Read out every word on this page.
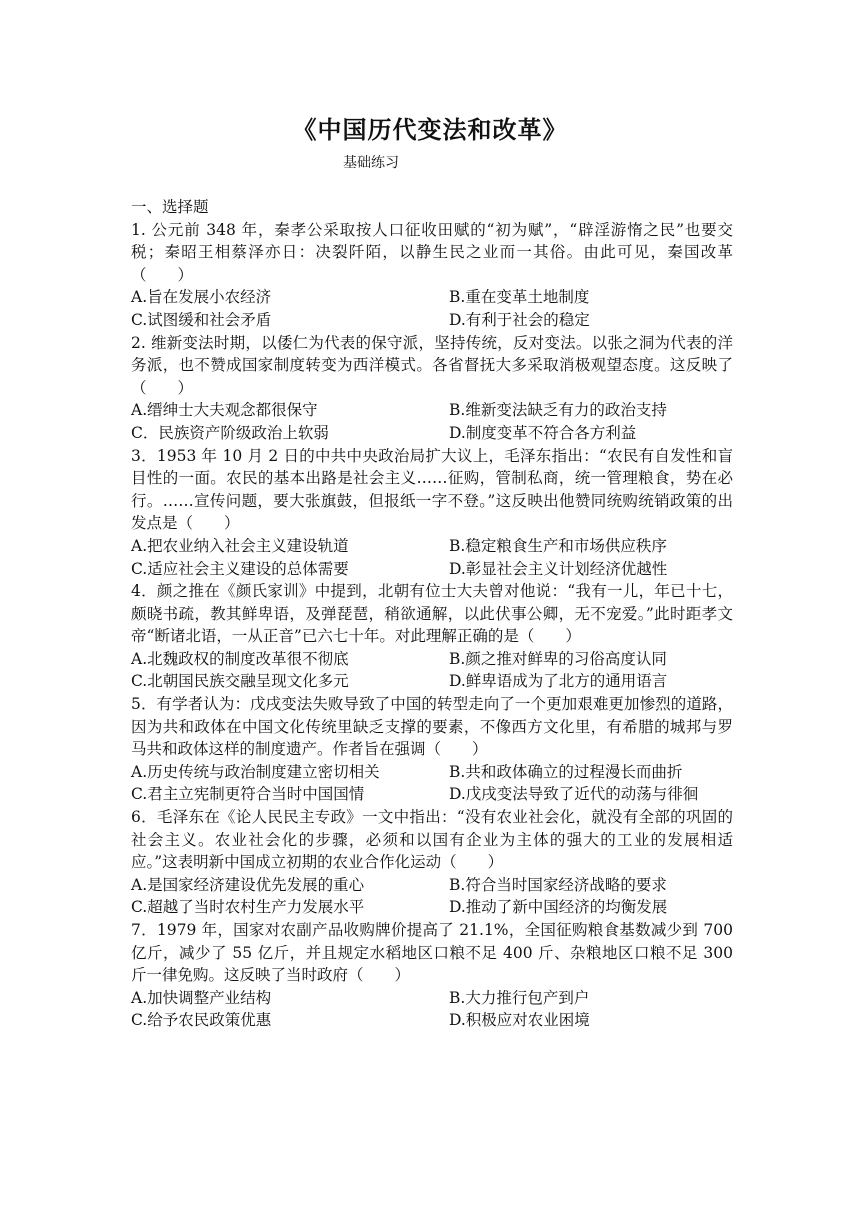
《中国历代变法和改革》
基础练习
一、选择题
1. 公元前 348 年，秦孝公采取按人口征收田赋的“初为赋”，“辟淫游惰之民”也要交税；秦昭王相蔡泽亦日：决裂阡陌，以静生民之业而一其俗。由此可见，秦国改革（　　）
A.旨在发展小农经济	B.重在变革土地制度
C.试图缓和社会矛盾	D.有利于社会的稳定
2. 维新变法时期，以倭仁为代表的保守派，坚持传统，反对变法。以张之洞为代表的洋务派，也不赞成国家制度转变为西洋模式。各省督抚大多采取消极观望态度。这反映了（　　）
A.缙绅士大夫观念都很保守	B.维新变法缺乏有力的政治支持
C．民族资产阶级政治上软弱	D.制度变革不符合各方利益
3．1953 年 10 月 2 日的中共中央政治局扩大议上，毛泽东指出：“农民有自发性和盲目性的一面。农民的基本出路是社会主义……征购，管制私商，统一管理粮食，势在必行。……宣传问题，要大张旗鼓，但报纸一字不登。”这反映出他赞同统购统销政策的出发点是（　　）
A.把农业纳入社会主义建设轨道	B.稳定粮食生产和市场供应秩序
C.适应社会主义建设的总体需要	D.彰显社会主义计划经济优越性
4．颜之推在《颜氏家训》中提到，北朝有位士大夫曾对他说：“我有一儿，年已十七，颇晓书疏，教其鲜卑语，及弹琵琶，稍欲通解，以此伏事公卿，无不宠爱。”此时距孝文帝“断诸北语，一从正音”已六七十年。对此理解正确的是（　　）
A.北魏政权的制度改革很不彻底	B.颜之推对鲜卑的习俗高度认同
C.北朝国民族交融呈现文化多元	D.鲜卑语成为了北方的通用语言
5．有学者认为：戊戌变法失败导致了中国的转型走向了一个更加艰难更加惨烈的道路，因为共和政体在中国文化传统里缺乏支撑的要素，不像西方文化里，有希腊的城邦与罗马共和政体这样的制度遗产。作者旨在强调（　　）
A.历史传统与政治制度建立密切相关	B.共和政体确立的过程漫长而曲折
C.君主立宪制更符合当时中国国情	D.戊戌变法导致了近代的动荡与徘徊
6．毛泽东在《论人民民主专政》一文中指出：“没有农业社会化，就没有全部的巩固的社会主义。农业社会化的步骤，必须和以国有企业为主体的强大的工业的发展相适应。”这表明新中国成立初期的农业合作化运动（　　）
A.是国家经济建设优先发展的重心	B.符合当时国家经济战略的要求
C.超越了当时农村生产力发展水平	D.推动了新中国经济的均衡发展
7．1979 年，国家对农副产品收购牌价提高了 21.1%，全国征购粮食基数减少到 700 亿斤，减少了 55 亿斤，并且规定水稻地区口粮不足 400 斤、杂粮地区口粮不足 300 斤一律免购。这反映了当时政府（　　）
A.加快调整产业结构	B.大力推行包产到户
C.给予农民政策优惠	D.积极应对农业困境
